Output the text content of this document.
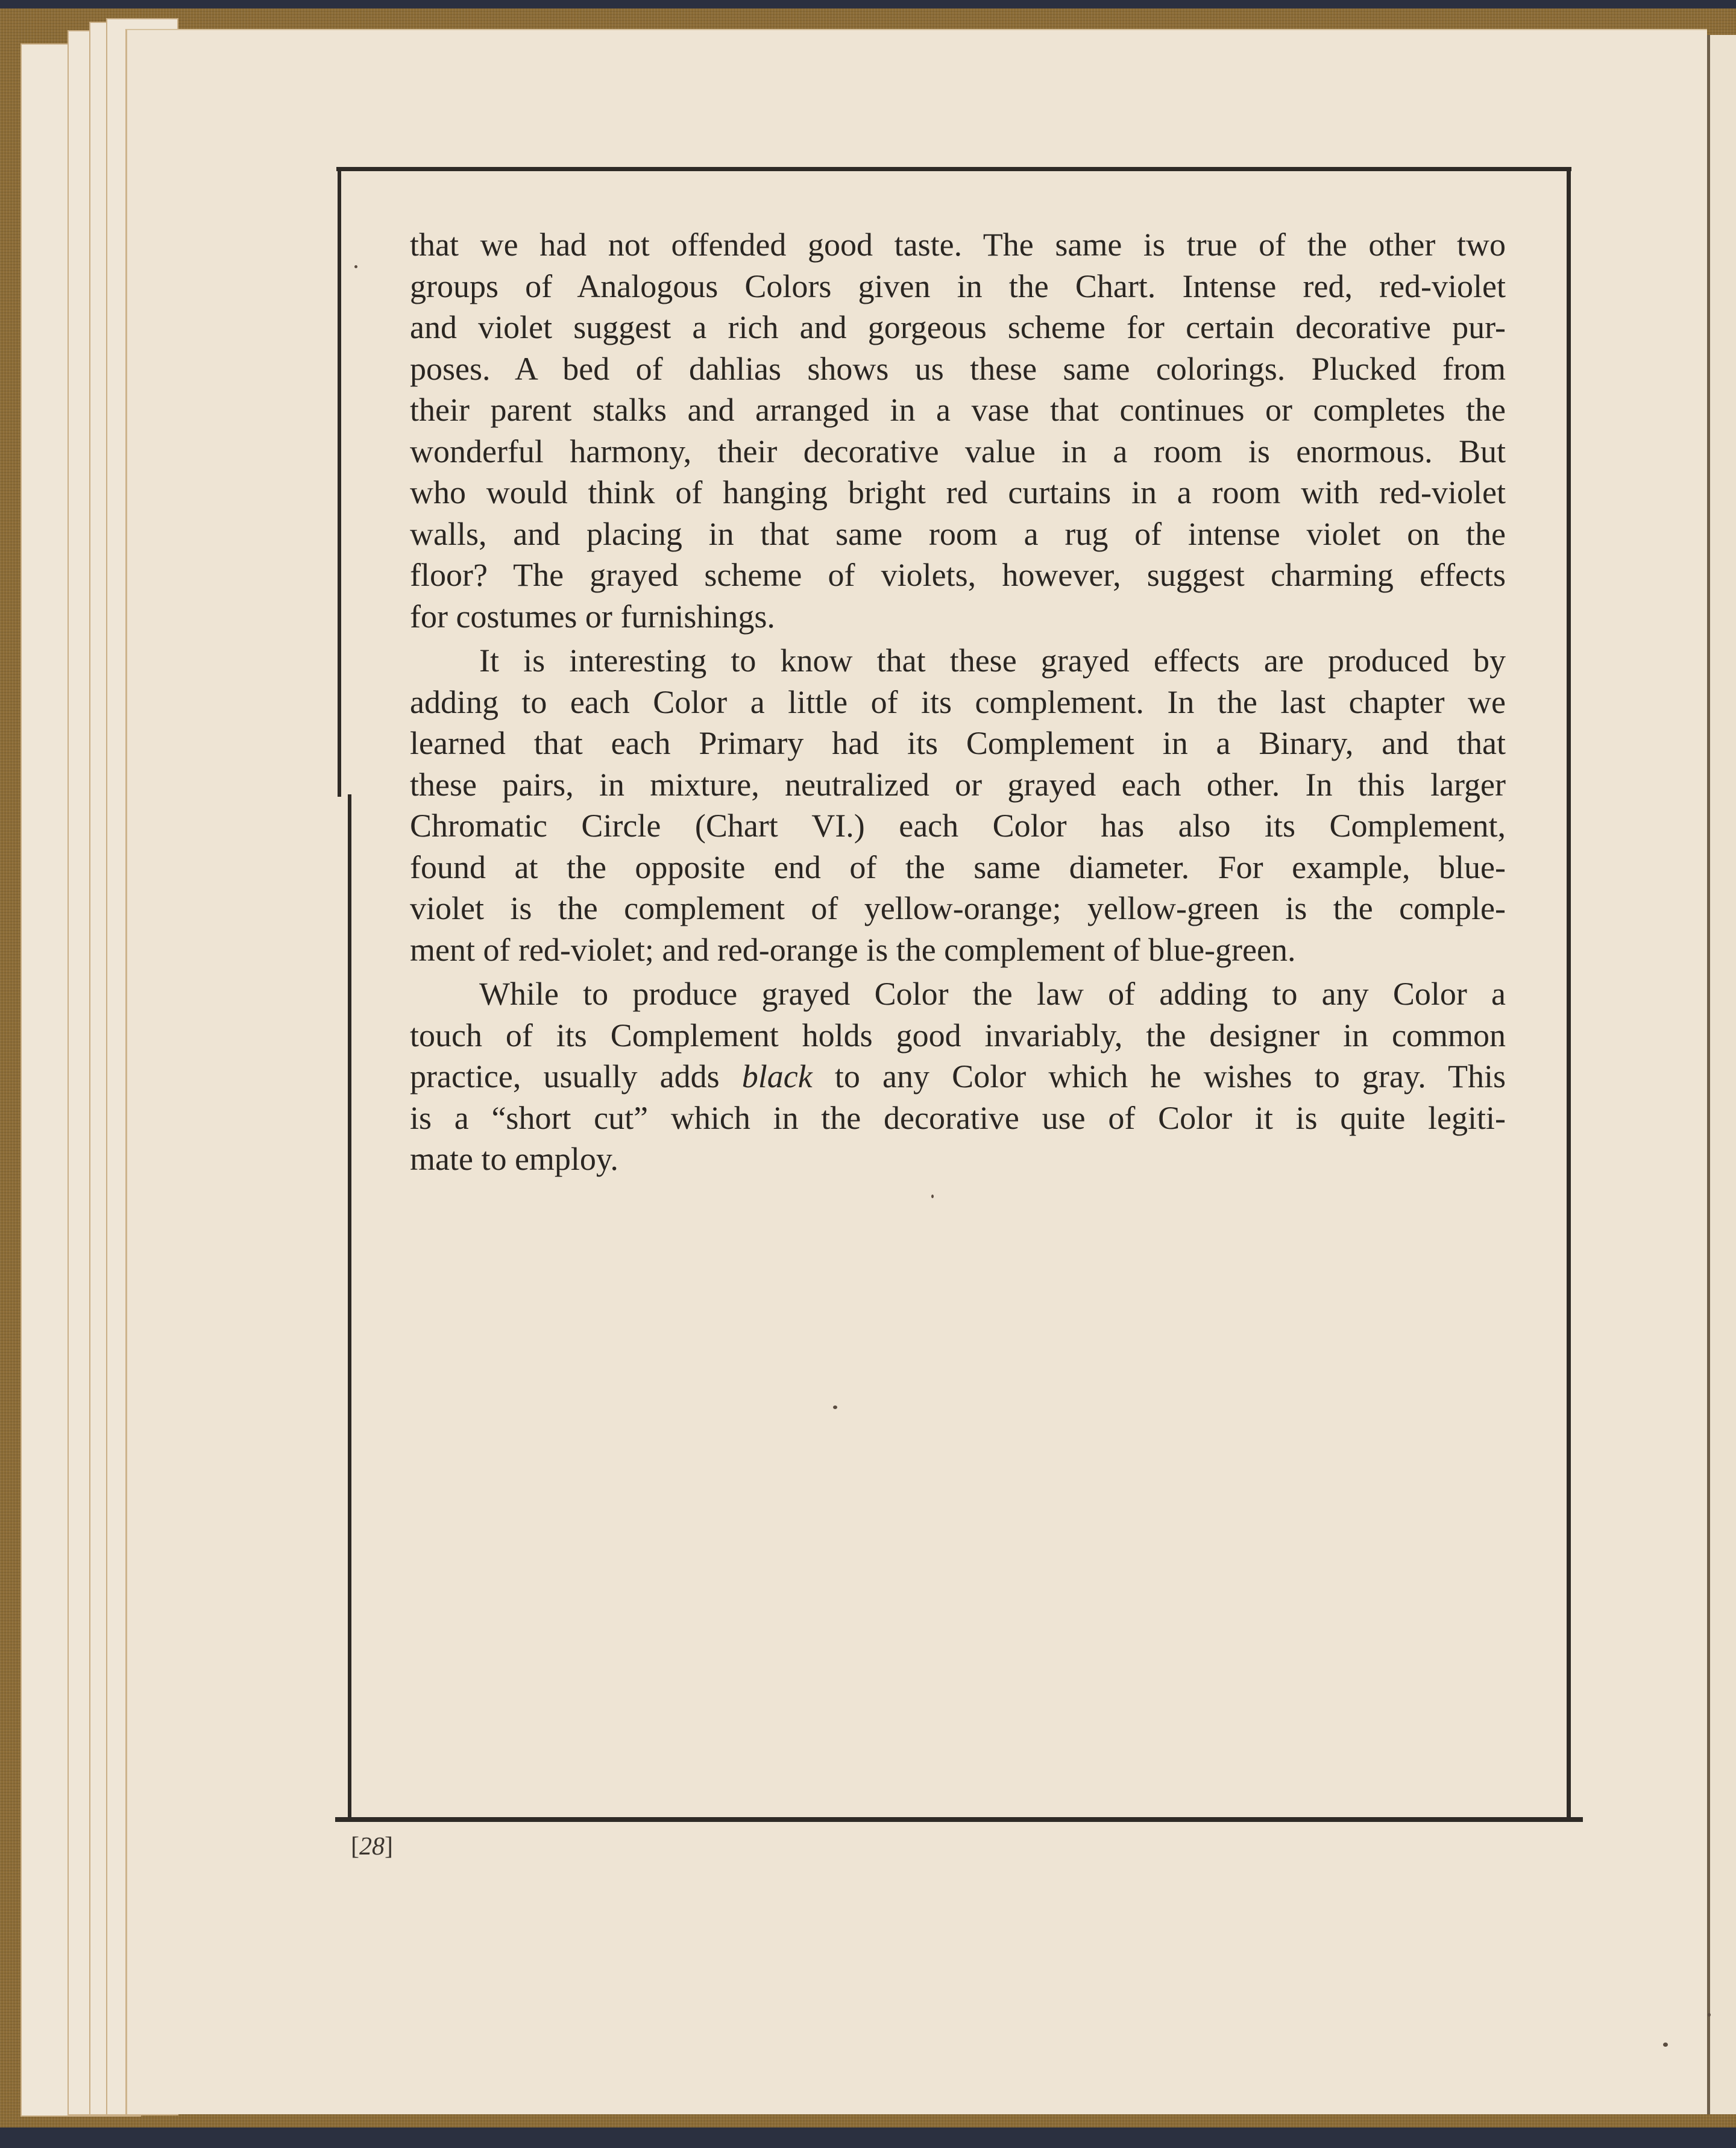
that we had not offended good taste. The same is true of the other two
groups of Analogous Colors given in the Chart. Intense red, red-violet
and violet suggest a rich and gorgeous scheme for certain decorative pur-
poses. A bed of dahlias shows us these same colorings. Plucked from
their parent stalks and arranged in a vase that continues or completes the
wonderful harmony, their decorative value in a room is enormous. But
who would think of hanging bright red curtains in a room with red-violet
walls, and placing in that same room a rug of intense violet on the
floor? The grayed scheme of violets, however, suggest charming effects
for costumes or furnishings.
It is interesting to know that these grayed effects are produced by
adding to each Color a little of its complement. In the last chapter we
learned that each Primary had its Complement in a Binary, and that
these pairs, in mixture, neutralized or grayed each other. In this larger
Chromatic Circle (Chart VI.) each Color has also its Complement,
found at the opposite end of the same diameter. For example, blue-
violet is the complement of yellow-orange; yellow-green is the comple-
ment of red-violet; and red-orange is the complement of blue-green.
While to produce grayed Color the law of adding to any Color a
touch of its Complement holds good invariably, the designer in common
practice, usually adds black to any Color which he wishes to gray. This
is a “short cut” which in the decorative use of Color it is quite legiti-
mate to employ.
[28]
